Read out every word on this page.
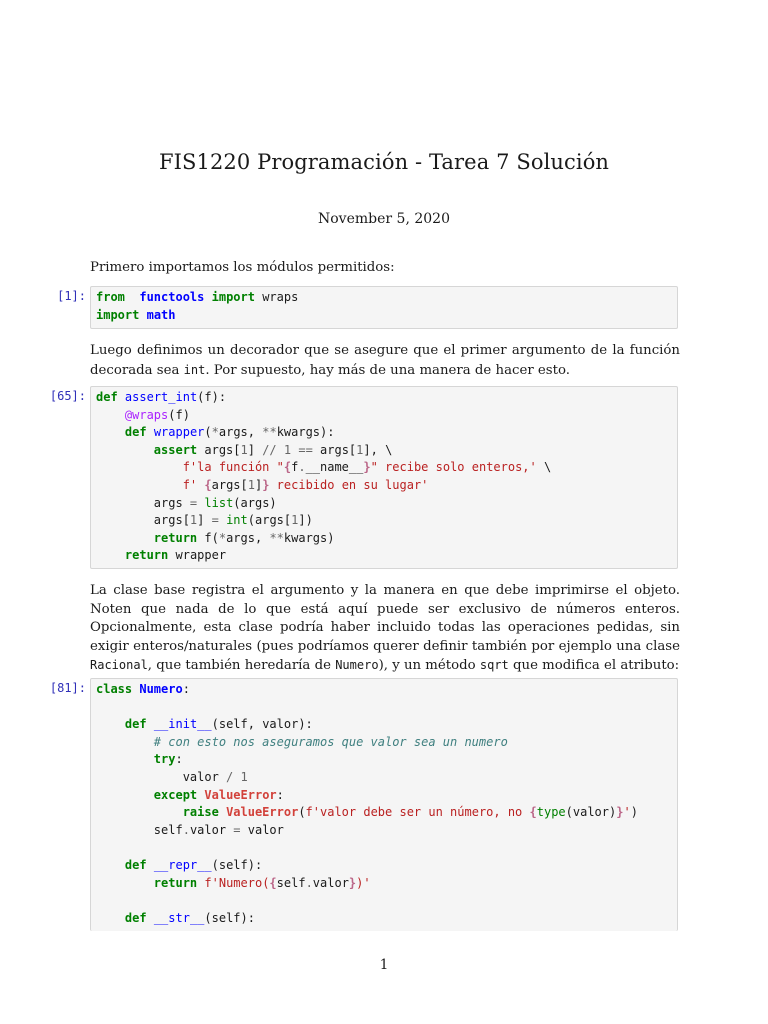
FIS1220 Programación - Tarea 7 Solución
November 5, 2020
Primero importamos los módulos permitidos:
[1]: from functools import wraps
import math
Luego definimos un decorador que se asegure que el primer argumento de la función decorada sea int. Por supuesto, hay más de una manera de hacer esto.
[65]: def assert_int(f):
@wraps(f)
def wrapper(*args, **kwargs):
assert args[1] // 1 == args[1], \
f'la función "{f.__name__}" recibe solo enteros,' \
f' {args[1]} recibido en su lugar'
args = list(args)
args[1] = int(args[1])
return f(*args, **kwargs)
return wrapper
La clase base registra el argumento y la manera en que debe imprimirse el objeto. Noten que nada de lo que está aquí puede ser exclusivo de números enteros. Opcionalmente, esta clase podría haber incluido todas las operaciones pedidas, sin exigir enteros/naturales (pues podríamos querer definir también por ejemplo una clase Racional, que también heredaría de Numero), y un método sqrt que modifica el atributo:
[81]: class Numero:
def __init__(self, valor):
# con esto nos aseguramos que valor sea un numero
try:
valor / 1
except ValueError:
raise ValueError(f'valor debe ser un número, no {type(valor)}')
self.valor = valor
def __repr__(self):
return f'Numero({self.valor})'
def __str__(self):
1
